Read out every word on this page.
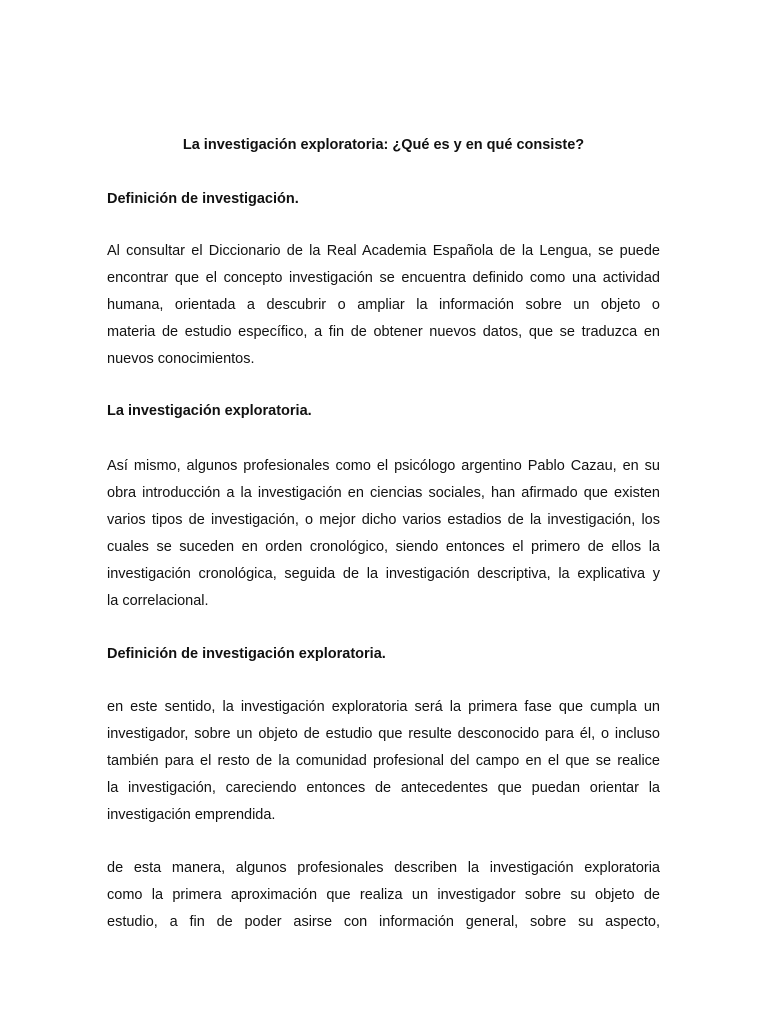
La investigación exploratoria: ¿Qué es y en qué consiste?
Definición de investigación.
Al consultar el Diccionario de la Real Academia Española de la Lengua, se puede
encontrar que el concepto investigación se encuentra definido como una actividad
humana, orientada a descubrir o ampliar la información sobre un objeto o
materia de estudio específico, a fin de obtener nuevos datos, que se traduzca en
nuevos conocimientos.
La investigación exploratoria.
Así mismo, algunos profesionales como el psicólogo argentino Pablo Cazau, en su
obra introducción a la investigación en ciencias sociales, han afirmado que existen
varios tipos de investigación, o mejor dicho varios estadios de la investigación, los
cuales se suceden en orden cronológico, siendo entonces el primero de ellos la
investigación cronológica, seguida de la investigación descriptiva, la explicativa y
la correlacional.
Definición de investigación exploratoria.
en este sentido, la investigación exploratoria será la primera fase que cumpla un
investigador, sobre un objeto de estudio que resulte desconocido para él, o incluso
también para el resto de la comunidad profesional del campo en el que se realice
la investigación, careciendo entonces de antecedentes que puedan orientar la
investigación emprendida.
de esta manera, algunos profesionales describen la investigación exploratoria
como la primera aproximación que realiza un investigador sobre su objeto de
estudio, a fin de poder asirse con información general, sobre su aspecto,
